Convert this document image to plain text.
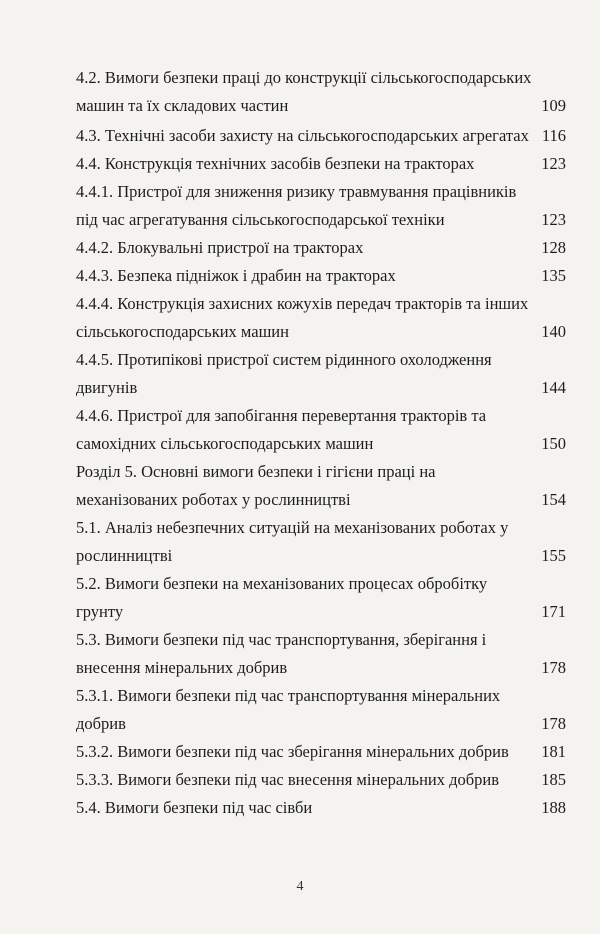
4.2. Вимоги безпеки праці до конструкції сільськогосподарських
машин та їх складових частин	109
4.3. Технічні засоби захисту на сільськогосподарських агрегатах 116
4.4. Конструкція технічних засобів безпеки на тракторах	123
4.4.1. Пристрої для зниження ризику травмування працівників
під час агрегатування сільськогосподарської техніки	123
4.4.2. Блокувальні пристрої на тракторах	128
4.4.3. Безпека підніжок і драбин на тракторах	135
4.4.4. Конструкція захисних кожухів передач тракторів та інших
сільськогосподарських машин	140
4.4.5. Протипікові пристрої систем рідинного охолодження
двигунів	144
4.4.6. Пристрої для запобігання перевертання тракторів та
самохідних сільськогосподарських машин	150
Розділ 5. Основні вимоги безпеки і гігієни праці на
механізованих роботах у рослинництві	154
5.1. Аналіз небезпечних ситуацій на механізованих роботах у
рослинництві	155
5.2. Вимоги безпеки на механізованих процесах обробітку
грунту	171
5.3. Вимоги безпеки під час транспортування, зберігання і
внесення мінеральних добрив	178
5.3.1. Вимоги безпеки під час транспортування мінеральних
добрив	178
5.3.2. Вимоги безпеки під час зберігання мінеральних добрив	181
5.3.3. Вимоги безпеки під час внесення мінеральних добрив	185
5.4. Вимоги безпеки під час сівби	188
4
